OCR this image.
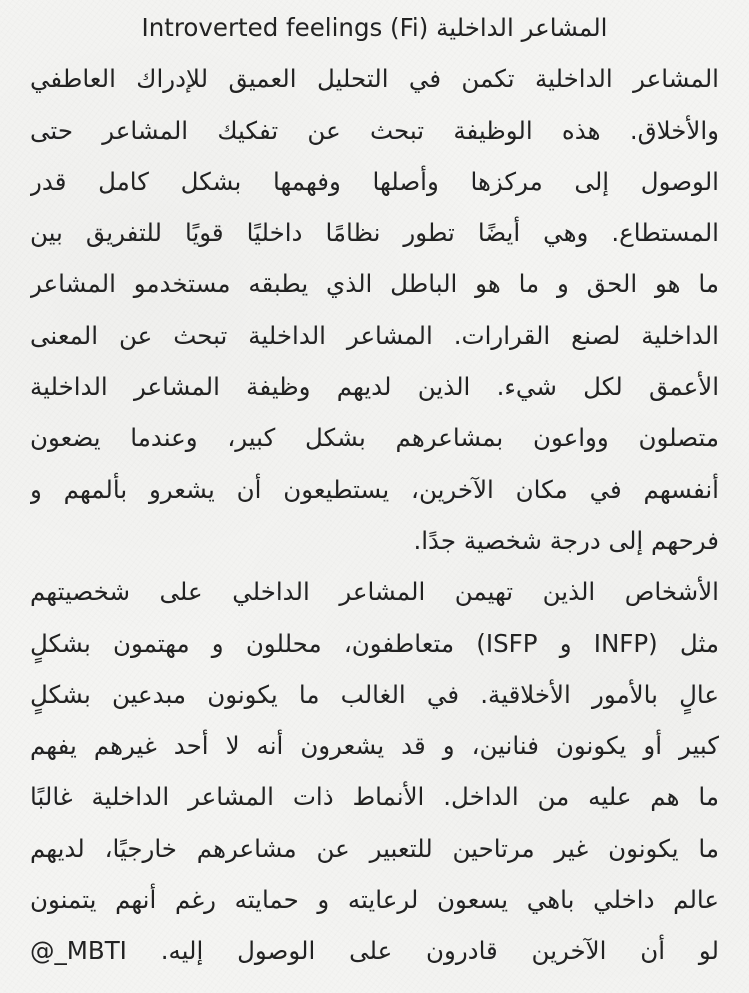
المشاعر الداخلية (Introverted feelings (Fi
المشاعر الداخلية تكمن في التحليل العميق للإدراك العاطفي
والأخلاق. هذه الوظيفة تبحث عن تفكيك المشاعر حتى
الوصول إلى مركزها وأصلها وفهمها بشكل كامل قدر
المستطاع. وهي أيضًا تطور نظامًا داخليًا قويًا للتفريق بين
ما هو الحق و ما هو الباطل الذي يطبقه مستخدمو المشاعر
الداخلية لصنع القرارات. المشاعر الداخلية تبحث عن المعنى
الأعمق لكل شيء. الذين لديهم وظيفة المشاعر الداخلية
متصلون وواعون بمشاعرهم بشكل كبير، وعندما يضعون
أنفسهم في مكان الآخرين، يستطيعون أن يشعرو بألمهم و
فرحهم إلى درجة شخصية جدًا.
الأشخاص الذين تهيمن المشاعر الداخلي على شخصيتهم
مثل (INFP و ISFP) متعاطفون، محللون و مهتمون بشكلٍ
عالٍ بالأمور الأخلاقية. في الغالب ما يكونون مبدعين بشكلٍ
كبير أو يكونون فنانين، و قد يشعرون أنه لا أحد غيرهم يفهم
ما هم عليه من الداخل. الأنماط ذات المشاعر الداخلية غالبًا
ما يكونون غير مرتاحين للتعبير عن مشاعرهم خارجيًا، لديهم
عالم داخلي باهي يسعون لرعايته و حمايته رغم أنهم يتمنون
لو أن الآخرين قادرون على الوصول إليه. MBTI_@
